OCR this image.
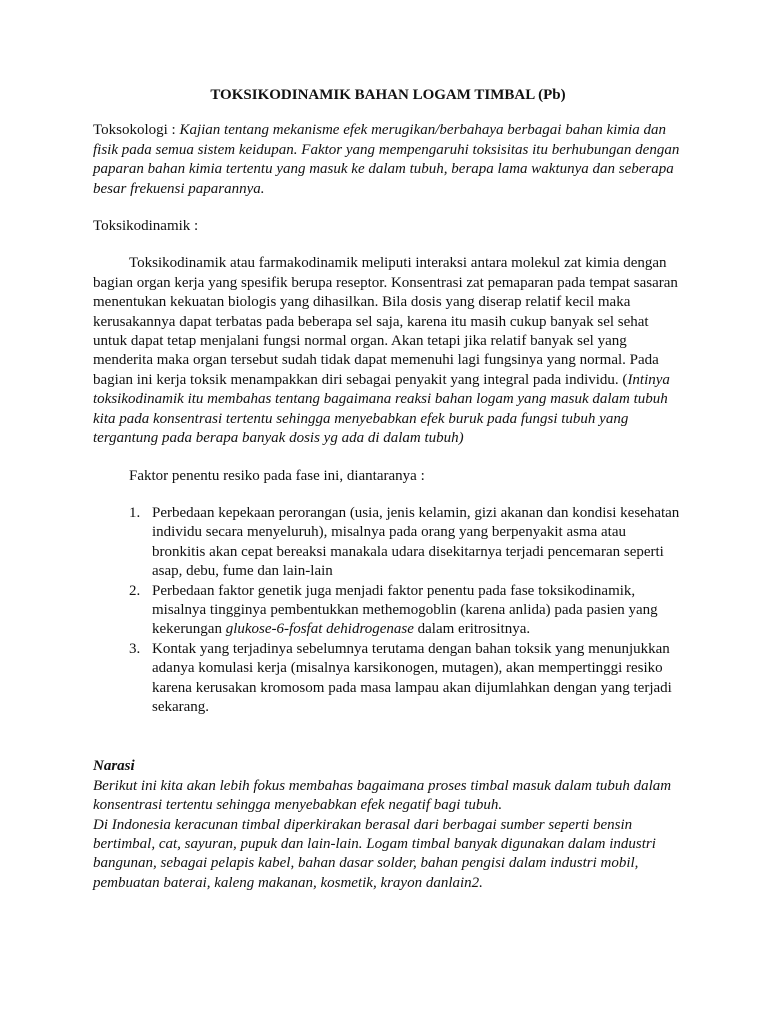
TOKSIKODINAMIK BAHAN LOGAM TIMBAL (Pb)

Toksokologi : Kajian tentang mekanisme efek merugikan/berbahaya berbagai bahan kimia dan fisik pada semua sistem keidupan. Faktor yang mempengaruhi toksisitas itu berhubungan dengan paparan bahan kimia tertentu yang masuk ke dalam tubuh, berapa lama waktunya dan seberapa besar frekuensi paparannya.

Toksikodinamik :

Toksikodinamik atau farmakodinamik meliputi interaksi antara molekul zat kimia dengan bagian organ kerja yang spesifik berupa reseptor. Konsentrasi zat pemaparan pada tempat sasaran menentukan kekuatan biologis yang dihasilkan. Bila dosis yang diserap relatif kecil maka kerusakannya dapat terbatas pada beberapa sel saja, karena itu masih cukup banyak sel sehat untuk dapat tetap menjalani fungsi normal organ. Akan tetapi jika relatif banyak sel yang menderita maka organ tersebut sudah tidak dapat memenuhi lagi fungsinya yang normal. Pada bagian ini kerja toksik menampakkan diri sebagai penyakit yang integral pada individu. (Intinya toksikodinamik itu membahas tentang bagaimana reaksi bahan logam yang masuk dalam tubuh kita pada konsentrasi tertentu sehingga menyebabkan efek buruk pada fungsi tubuh yang tergantung pada berapa banyak dosis yg ada di dalam tubuh)

Faktor penentu resiko pada fase ini, diantaranya :

1. Perbedaan kepekaan perorangan (usia, jenis kelamin, gizi akanan dan kondisi kesehatan individu secara menyeluruh), misalnya pada orang yang berpenyakit asma atau bronkitis akan cepat bereaksi manakala udara disekitarnya terjadi pencemaran seperti asap, debu, fume dan lain-lain
2. Perbedaan faktor genetik juga menjadi faktor penentu pada fase toksikodinamik, misalnya tingginya pembentukkan methemogoblin (karena anlida) pada pasien yang kekerungan glukose-6-fosfat dehidrogenase dalam eritrositnya.
3. Kontak yang terjadinya sebelumnya terutama dengan bahan toksik yang menunjukkan adanya komulasi kerja (misalnya karsikonogen, mutagen), akan mempertinggi resiko karena kerusakan kromosom pada masa lampau akan dijumlahkan dengan yang terjadi sekarang.

Narasi

Berikut ini kita akan lebih fokus membahas bagaimana proses timbal masuk dalam tubuh dalam konsentrasi tertentu sehingga menyebabkan efek negatif bagi tubuh.

Di Indonesia keracunan timbal diperkirakan berasal dari berbagai sumber seperti bensin bertimbal, cat, sayuran, pupuk dan lain-lain. Logam timbal banyak digunakan dalam industri bangunan, sebagai pelapis kabel, bahan dasar solder, bahan pengisi dalam industri mobil, pembuatan baterai, kaleng makanan, kosmetik, krayon danlain2.
